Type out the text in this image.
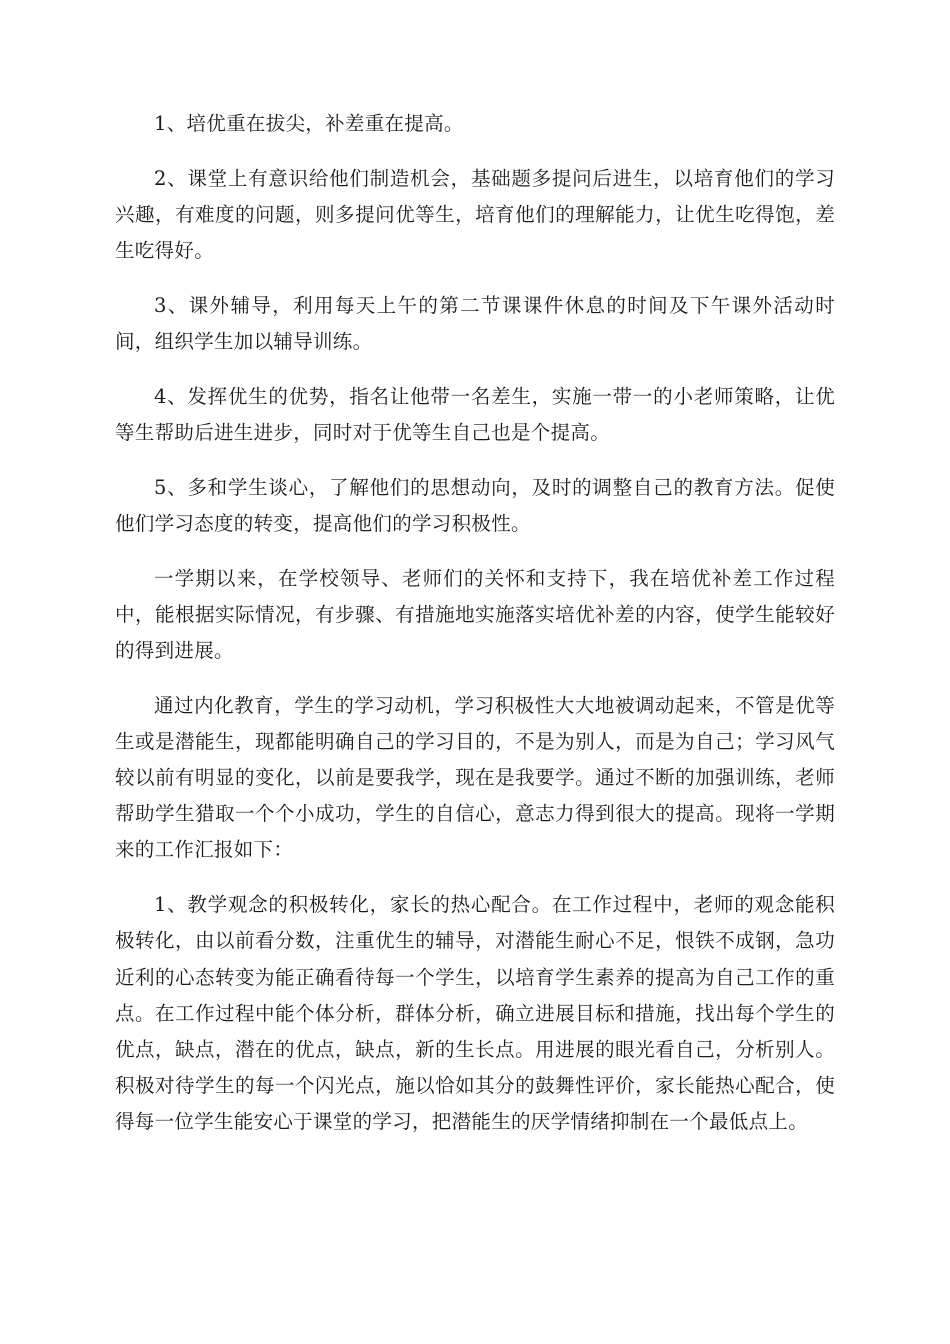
1、培优重在拔尖，补差重在提高。

2、课堂上有意识给他们制造机会，基础题多提问后进生，以培育他们的学习兴趣，有难度的问题，则多提问优等生，培育他们的理解能力，让优生吃得饱，差生吃得好。

3、课外辅导，利用每天上午的第二节课课件休息的时间及下午课外活动时间，组织学生加以辅导训练。

4、发挥优生的优势，指名让他带一名差生，实施一带一的小老师策略，让优等生帮助后进生进步，同时对于优等生自己也是个提高。

5、多和学生谈心，了解他们的思想动向，及时的调整自己的教育方法。促使他们学习态度的转变，提高他们的学习积极性。

一学期以来，在学校领导、老师们的关怀和支持下，我在培优补差工作过程中，能根据实际情况，有步骤、有措施地实施落实培优补差的内容，使学生能较好的得到进展。

通过内化教育，学生的学习动机，学习积极性大大地被调动起来，不管是优等生或是潜能生，现都能明确自己的学习目的，不是为别人，而是为自己；学习风气较以前有明显的变化，以前是要我学，现在是我要学。通过不断的加强训练，老师帮助学生猎取一个个小成功，学生的自信心，意志力得到很大的提高。现将一学期来的工作汇报如下：

1、教学观念的积极转化，家长的热心配合。在工作过程中，老师的观念能积极转化，由以前看分数，注重优生的辅导，对潜能生耐心不足，恨铁不成钢，急功近利的心态转变为能正确看待每一个学生，以培育学生素养的提高为自己工作的重点。在工作过程中能个体分析，群体分析，确立进展目标和措施，找出每个学生的优点，缺点，潜在的优点，缺点，新的生长点。用进展的眼光看自己，分析别人。积极对待学生的每一个闪光点，施以恰如其分的鼓舞性评价，家长能热心配合，使得每一位学生能安心于课堂的学习，把潜能生的厌学情绪抑制在一个最低点上。
